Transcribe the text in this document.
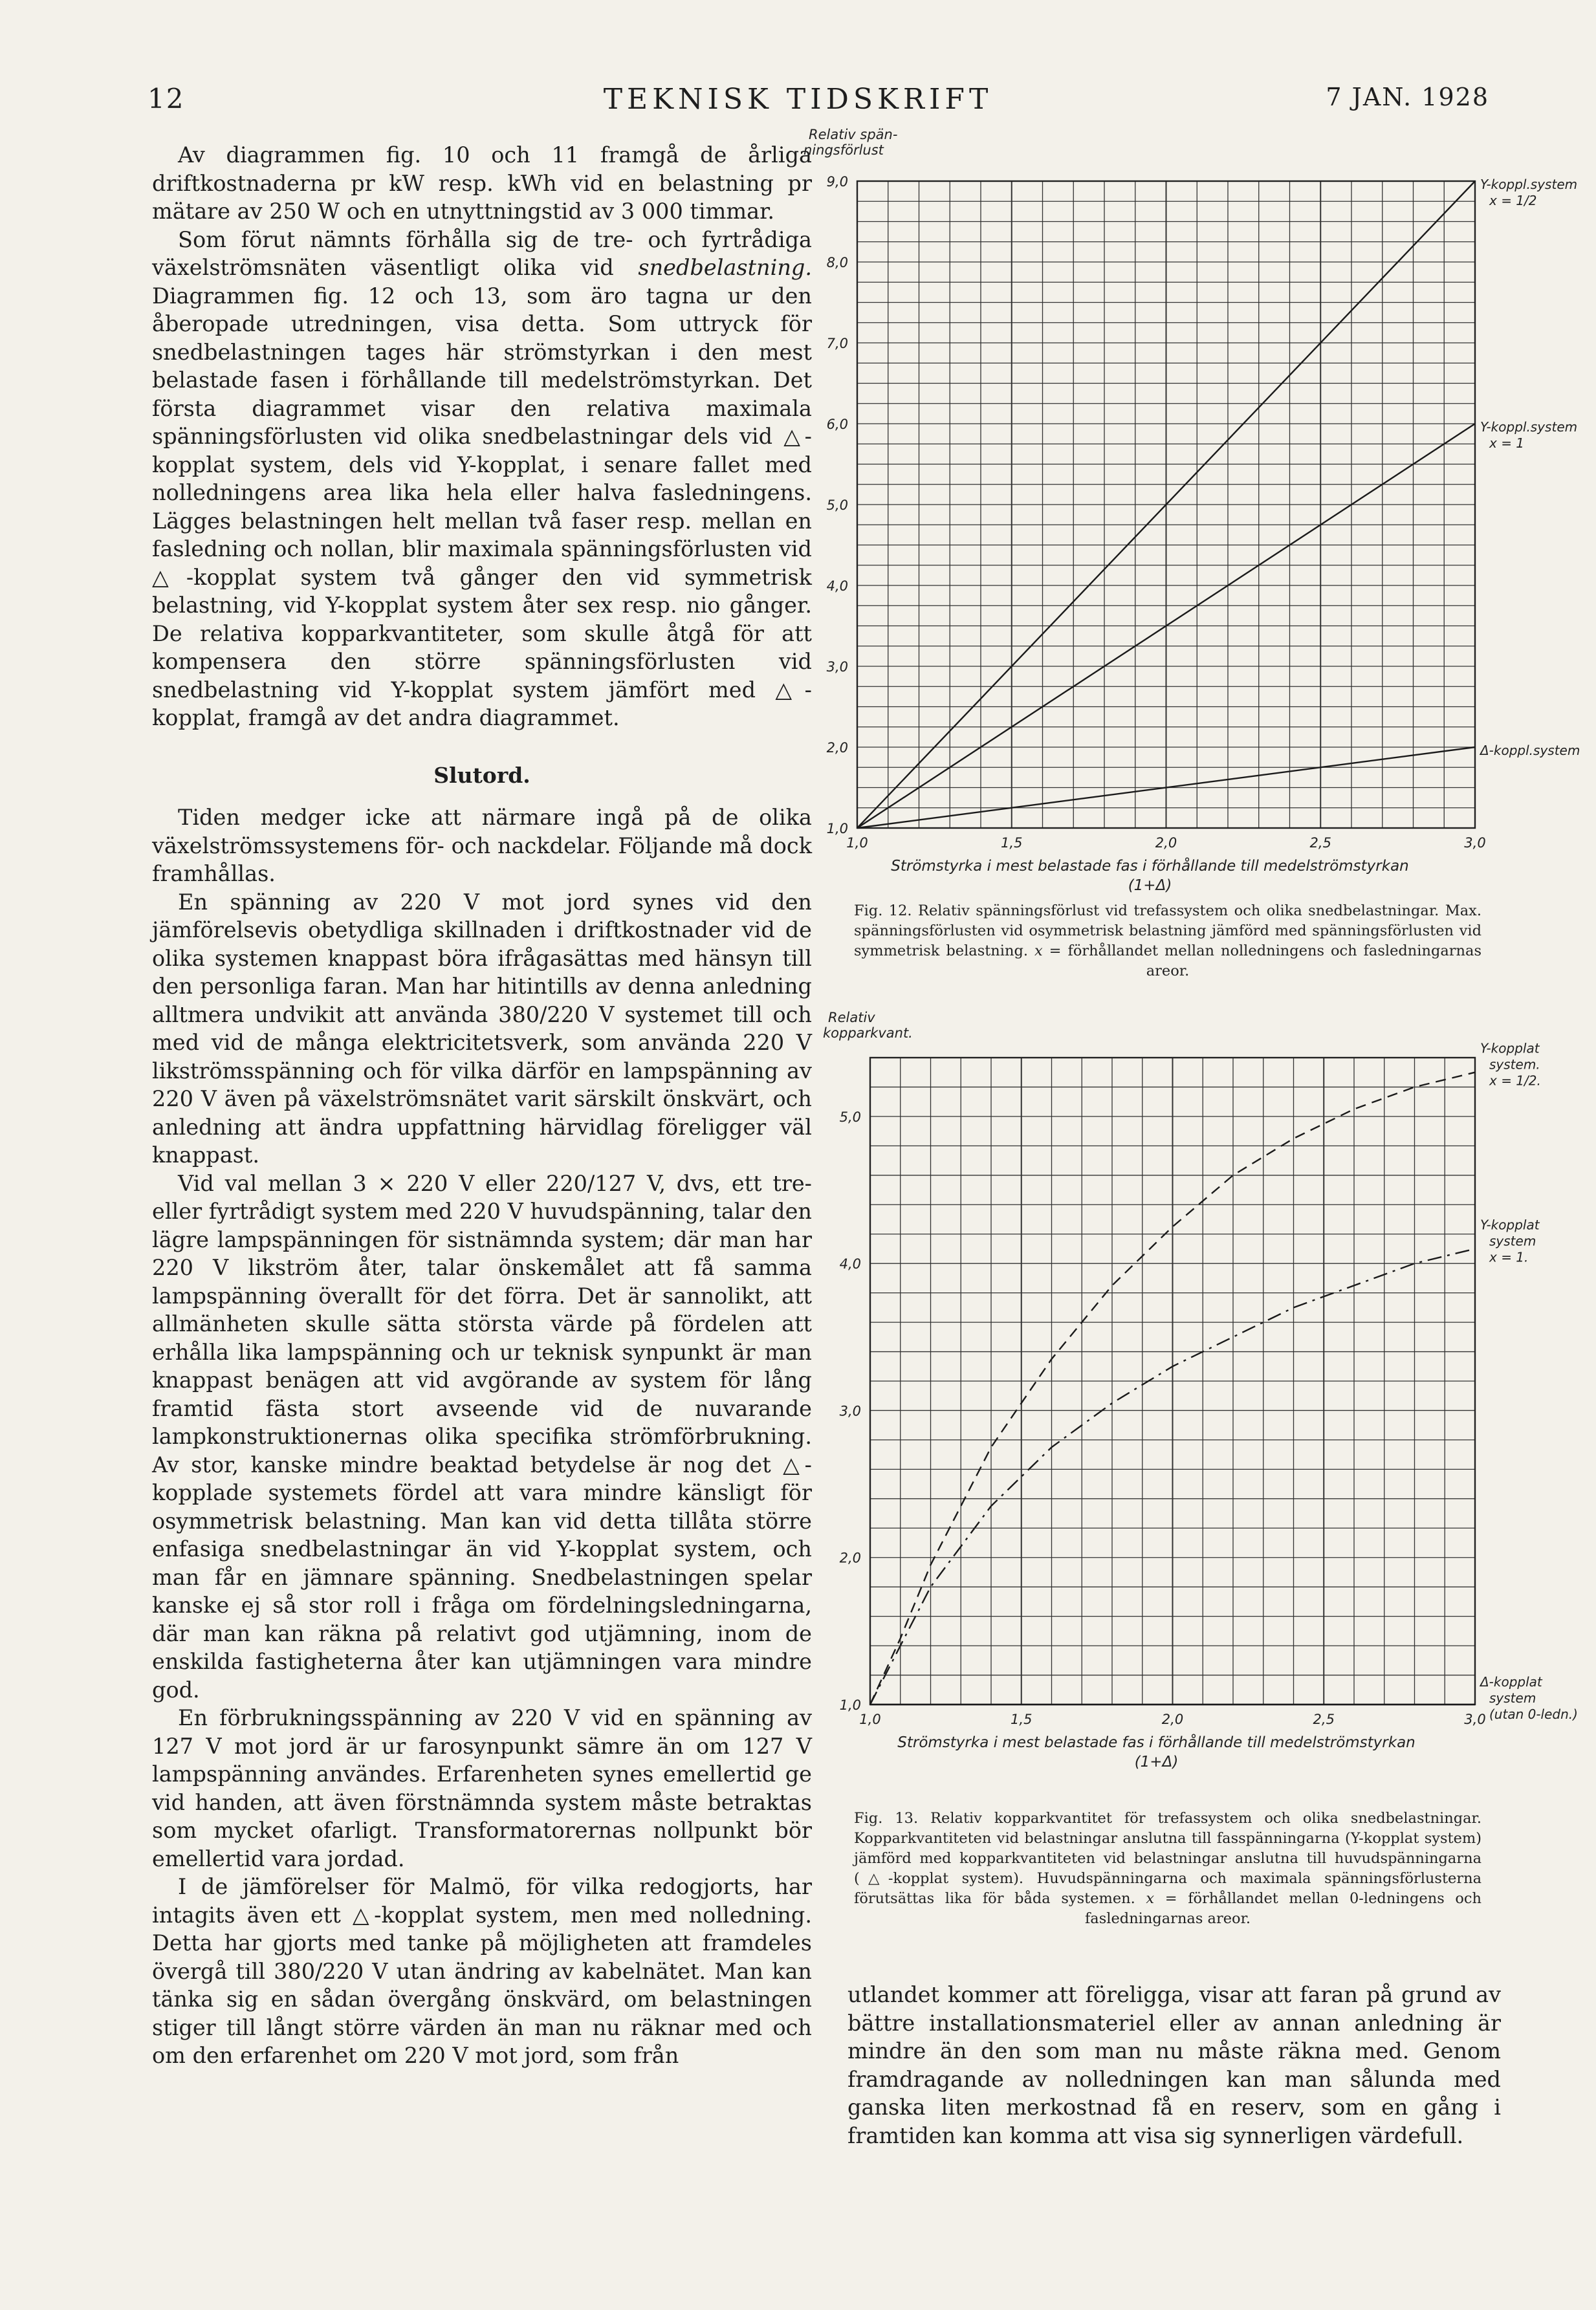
12	TEKNISK TIDSKRIFT	7 JAN. 1928

Av diagrammen fig. 10 och 11 framgå de årliga driftkostnaderna pr kW resp. kWh vid en belastning pr mätare av 250 W och en utnyttningstid av 3 000 timmar.

Som förut nämnts förhålla sig de tre- och fyrtrådiga växelströmsnäten väsentligt olika vid snedbelastning. Diagrammen fig. 12 och 13, som äro tagna ur den åberopade utredningen, visa detta. Som uttryck för snedbelastningen tages här strömstyrkan i den mest belastade fasen i förhållande till medelströmstyrkan. Det första diagrammet visar den relativa maximala spänningsförlusten vid olika snedbelastningar dels vid △-kopplat system, dels vid Y-kopplat, i senare fallet med nolledningens area lika hela eller halva fasledningens. Lägges belastningen helt mellan två faser resp. mellan en fasledning och nollan, blir maximala spänningsförlusten vid △-kopplat system två gånger den vid symmetrisk belastning, vid Y-kopplat system åter sex resp. nio gånger. De relativa kopparkvantiteter, som skulle åtgå för att kompensera den större spänningsförlusten vid snedbelastning vid Y-kopplat system jämfört med △-kopplat, framgå av det andra diagrammet.

Slutord.

Tiden medger icke att närmare ingå på de olika växelströmssystemens för- och nackdelar. Följande må dock framhållas.

En spänning av 220 V mot jord synes vid den jämförelsevis obetydliga skillnaden i driftkostnader vid de olika systemen knappast böra ifrågasättas med hänsyn till den personliga faran. Man har hitintills av denna anledning alltmera undvikit att använda 380/220 V systemet till och med vid de många elektricitetsverk, som använda 220 V likströmsspänning och för vilka därför en lampspänning av 220 V även på växelströmsnätet varit särskilt önskvärt, och anledning att ändra uppfattning härvidlag föreligger väl knappast.

Vid val mellan 3 × 220 V eller 220/127 V, dvs, ett tre- eller fyrtrådigt system med 220 V huvudspänning, talar den lägre lampspänningen för sistnämnda system; där man har 220 V likström åter, talar önskemålet att få samma lampspänning överallt för det förra. Det är sannolikt, att allmänheten skulle sätta största värde på fördelen att erhålla lika lampspänning och ur teknisk synpunkt är man knappast benägen att vid avgörande av system för lång framtid fästa stort avseende vid de nuvarande lampkonstruktionernas olika specifika strömförbrukning. Av stor, kanske mindre beaktad betydelse är nog det △-kopplade systemets fördel att vara mindre känsligt för osymmetrisk belastning. Man kan vid detta tillåta större enfasiga snedbelastningar än vid Y-kopplat system, och man får en jämnare spänning. Snedbelastningen spelar kanske ej så stor roll i fråga om fördelningsledningarna, där man kan räkna på relativt god utjämning, inom de enskilda fastigheterna åter kan utjämningen vara mindre god.

En förbrukningsspänning av 220 V vid en spänning av 127 V mot jord är ur farosynpunkt sämre än om 127 V lampspänning användes. Erfarenheten synes emellertid ge vid handen, att även förstnämnda system måste betraktas som mycket ofarligt. Transformatorernas nollpunkt bör emellertid vara jordad.

I de jämförelser för Malmö, för vilka redogjorts, har intagits även ett △-kopplat system, men med nolledning. Detta har gjorts med tanke på möjligheten att framdeles övergå till 380/220 V utan ändring av kabelnätet. Man kan tänka sig en sådan övergång önskvärd, om belastningen stiger till långt större värden än man nu räknar med och om den erfarenhet om 220 V mot jord, som från

utlandet kommer att föreligga, visar att faran på grund av bättre installationsmateriel eller av annan anledning är mindre än den som man nu måste räkna med. Genom framdragande av nolledningen kan man sålunda med ganska liten merkostnad få en reserv, som en gång i framtiden kan komma att visa sig synnerligen värdefull.

1,0
2,0
3,0
4,0
5,0
6,0
7,0
8,0
9,0
1,0	1,5	2,0	2,5	3,0
Relativ spän-
ningsförlust
Strömstyrka i mest belastade fas i förhållande till medelströmstyrkan
(1+Δ)
Y-koppl.system
x = 1/2
Y-koppl.system
x = 1
Δ-koppl.system
Fig. 12. Relativ spänningsförlust vid trefassystem och olika snedbelastningar. Max. spänningsförlusten vid osymmetrisk belastning jämförd med spänningsförlusten vid symmetrisk belastning. x = förhållandet mellan nolledningens och fasledningarnas areor.
1,0
2,0
3,0
4,0
5,0
1,0	1,5	2,0	2,5	3,0
Relativ
kopparkvant.
Strömstyrka i mest belastade fas i förhållande till medelströmstyrkan
(1+Δ)
Y-kopplat
system.
x = 1/2.
Y-kopplat
system
x = 1.
Δ-kopplat
system
(utan 0-ledn.)
Fig. 13. Relativ kopparkvantitet för trefassystem och olika snedbelastningar. Kopparkvantiteten vid belastningar anslutna till fasspänningarna (Y-kopplat system) jämförd med kopparkvantiteten vid belastningar anslutna till huvudspänningarna (△-kopplat system). Huvudspänningarna och maximala spänningsförlusterna förutsättas lika för båda systemen. x = förhållandet mellan 0-ledningens och fasledningarnas areor.
